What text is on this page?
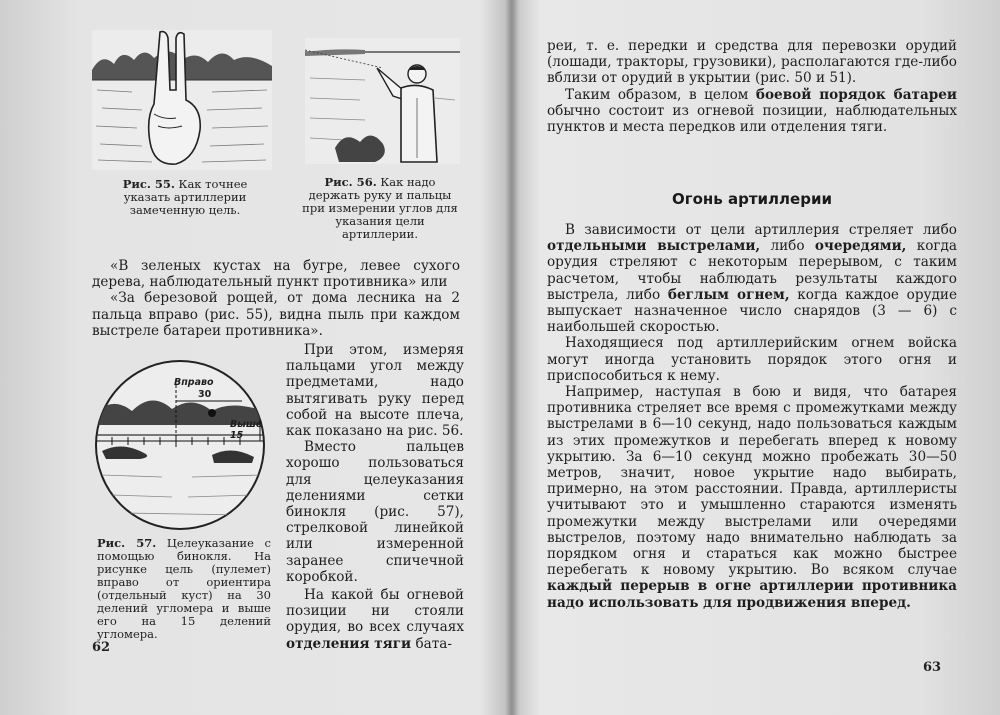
Рис. 55. Как точнее указать артиллерии замеченную цель.
Рис. 56. Как надо держать руку и пальцы при измерении углов для указания цели артиллерии.

«В зеленых кустах на бугре, левее сухого дерева, наблюдательный пункт противника» или

«За березовой рощей, от дома лесника на 2 пальца вправо (рис. 55), видна пыль при каждом выстреле батареи противника».

Выше 15
Вправо
30
Рис. 57. Целеуказание с помощью бинокля. На рисунке цель (пулемет) вправо от ориентира (отдельный куст) на 30 делений угломера и выше его на 15 делений угломера.

При этом, измеряя пальцами угол между предметами, надо вытягивать руку перед собой на высоте плеча, как показано на рис. 56.

Вместо пальцев хорошо пользоваться для целеуказания делениями сетки бинокля (рис. 57), стрелковой линейкой или измеренной заранее спичечной коробкой.

На какой бы огневой позиции ни стояли орудия, во всех случаях отделения тяги бата-

62

реи, т. е. передки и средства для перевозки орудий (лошади, тракторы, грузовики), располагаются где-либо вблизи от орудий в укрытии (рис. 50 и 51).

Таким образом, в целом боевой порядок батареи обычно состоит из огневой позиции, наблюдательных пунктов и места передков или отделения тяги.

Огонь артиллерии

В зависимости от цели артиллерия стреляет либо отдельными выстрелами, либо очередями, когда орудия стреляют с некоторым перерывом, с таким расчетом, чтобы наблюдать результаты каждого выстрела, либо беглым огнем, когда каждое орудие выпускает назначенное число снарядов (3 — 6) с наибольшей скоростью.

Находящиеся под артиллерийским огнем войска могут иногда установить порядок этого огня и приспособиться к нему.

Например, наступая в бою и видя, что батарея противника стреляет все время с промежутками между выстрелами в 6—10 секунд, надо пользоваться каждым из этих промежутков и перебегать вперед к новому укрытию. За 6—10 секунд можно пробежать 30—50 метров, значит, новое укрытие надо выбирать, примерно, на этом расстоянии. Правда, артиллеристы учитывают это и умышленно стараются изменять промежутки между выстрелами или очередями выстрелов, поэтому надо внимательно наблюдать за порядком огня и стараться как можно быстрее перебегать к новому укрытию. Во всяком случае каждый перерыв в огне артиллерии противника надо использовать для продвижения вперед.

63
